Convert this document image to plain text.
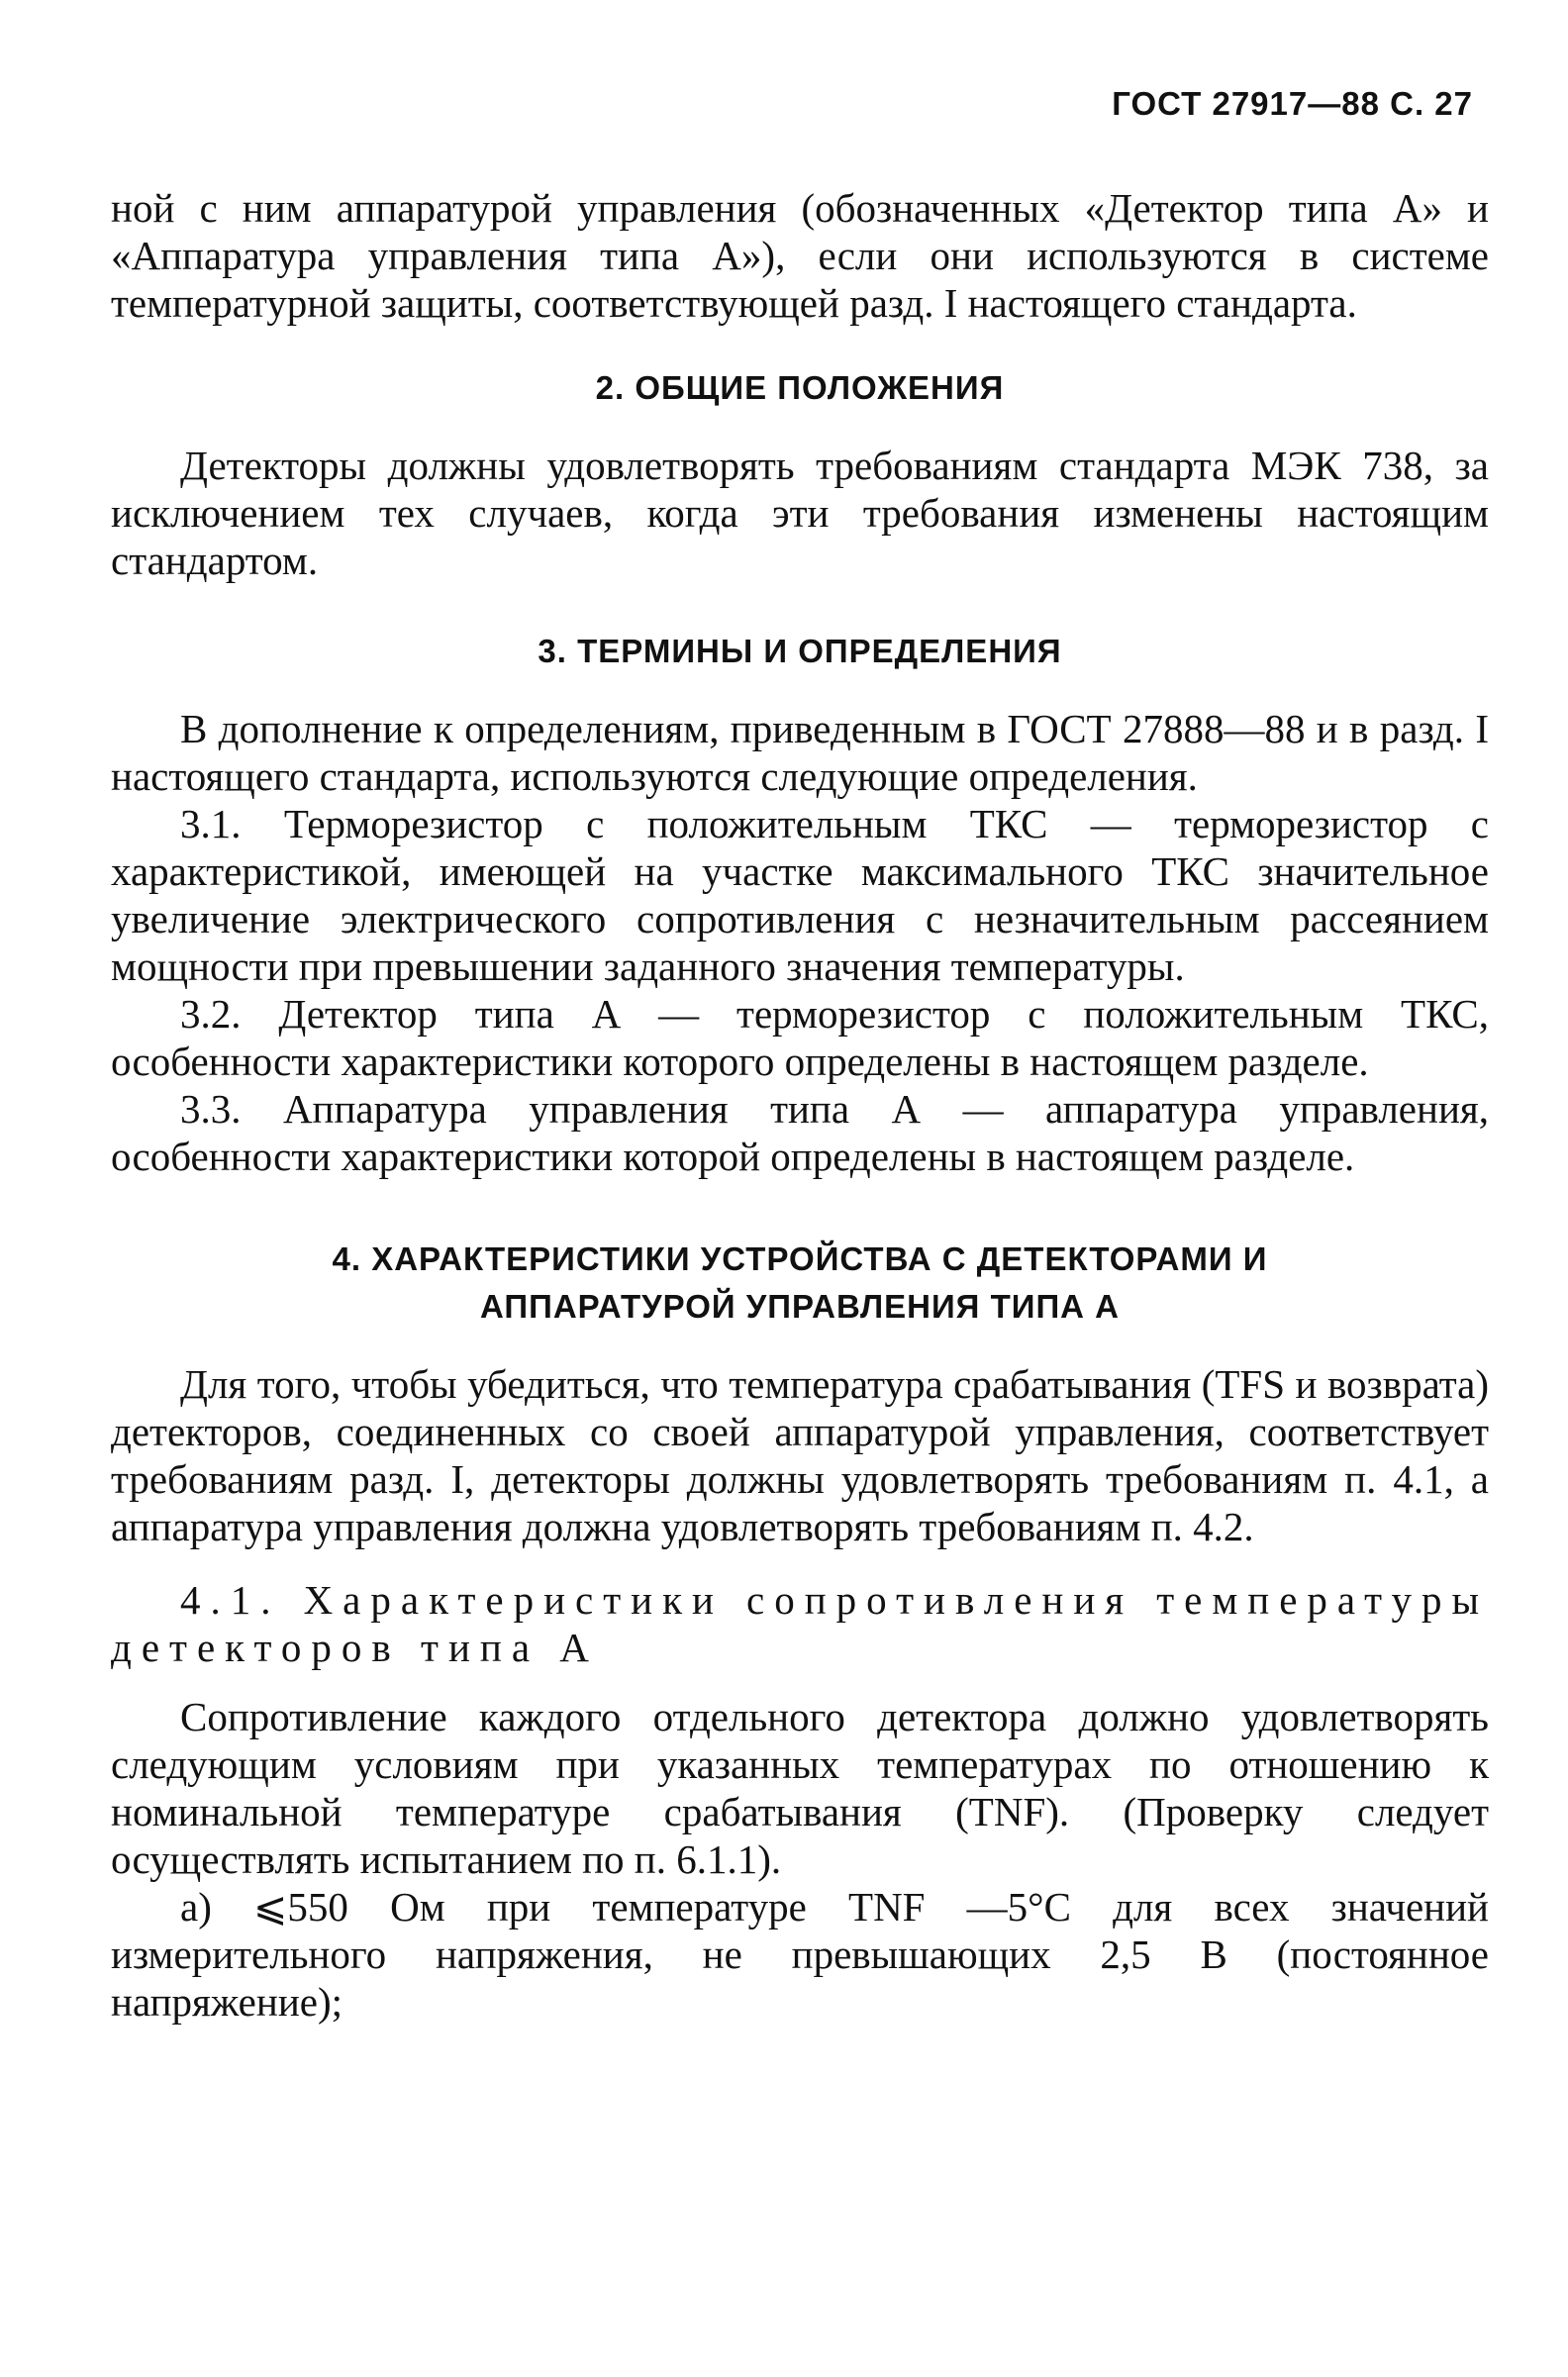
ГОСТ 27917—88 С. 27

ной с ним аппаратурой управления (обозначенных «Детектор типа А» и «Аппаратура управления типа А»), если они используются в системе температурной защиты, соответствующей разд. I настоящего стандарта.

2. ОБЩИЕ ПОЛОЖЕНИЯ

Детекторы должны удовлетворять требованиям стандарта МЭК 738, за исключением тех случаев, когда эти требования изменены настоящим стандартом.

3. ТЕРМИНЫ И ОПРЕДЕЛЕНИЯ

В дополнение к определениям, приведенным в ГОСТ 27888—88 и в разд. I настоящего стандарта, используются следующие определения.

3.1. Терморезистор с положительным ТКС — терморезистор с характеристикой, имеющей на участке максимального ТКС значительное увеличение электрического сопротивления с незначительным рассеянием мощности при превышении заданного значения температуры.

3.2. Детектор типа А — терморезистор с положительным ТКС, особенности характеристики которого определены в настоящем разделе.

3.3. Аппаратура управления типа А — аппаратура управления, особенности характеристики которой определены в настоящем разделе.

4. ХАРАКТЕРИСТИКИ УСТРОЙСТВА С ДЕТЕКТОРАМИ И
АППАРАТУРОЙ УПРАВЛЕНИЯ ТИПА А

Для того, чтобы убедиться, что температура срабатывания (TFS и возврата) детекторов, соединенных со своей аппаратурой управления, соответствует требованиям разд. I, детекторы должны удовлетворять требованиям п. 4.1, а аппаратура управления должна удовлетворять требованиям п. 4.2.

4.1. Характеристики сопротивления температуры детекторов типа А

Сопротивление каждого отдельного детектора должно удовлетворять следующим условиям при указанных температурах по отношению к номинальной температуре срабатывания (TNF). (Проверку следует осуществлять испытанием по п. 6.1.1).

а) ⩽550 Ом при температуре TNF —5°С для всех значений измерительного напряжения, не превышающих 2,5 В (постоянное напряжение);
